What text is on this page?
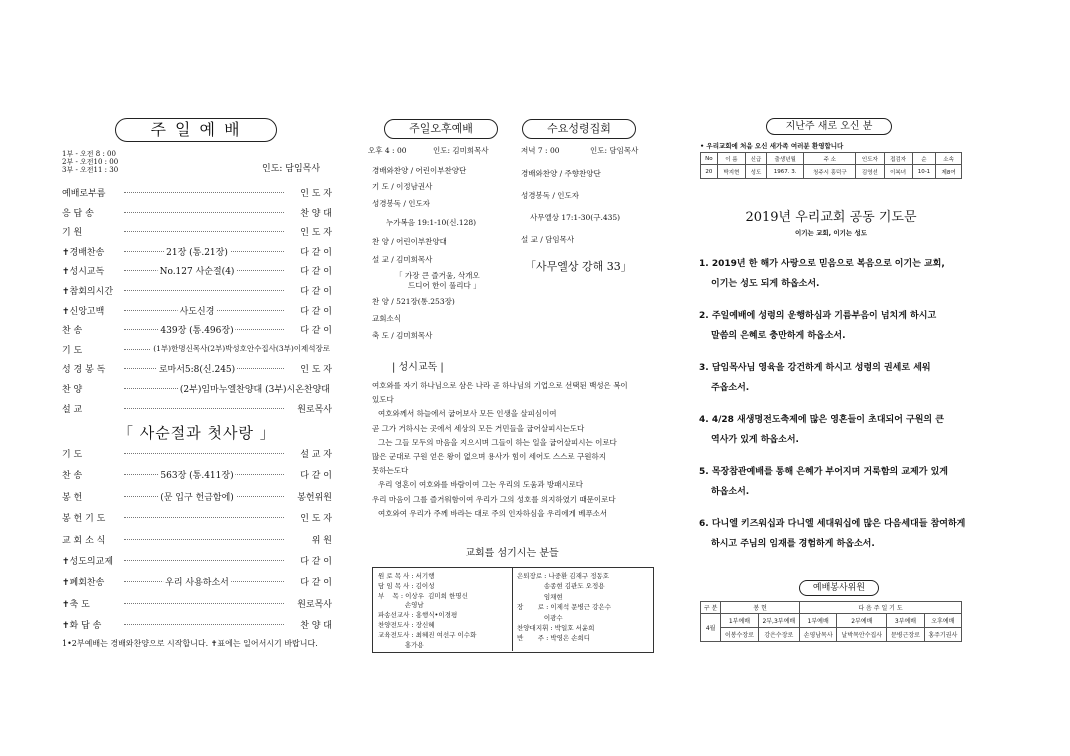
주 일 예 배
1부 - 오전 8 : 00
2부 - 오전10 : 00
3부 - 오전11 : 30	인도: 담임목사
예배로부름	인 도 자
응 답 송	찬 양 대
기 원	인 도 자
✝경배찬송	21장 (통.21장)	다 같 이
✝성시교독	No.127 사순절(4)	다 같 이
✝참회의시간	다 같 이
✝신앙고백	사도신경	다 같 이
찬 송	439장 (통.496장)	다 같 이
기 도	(1부)한명신목사(2부)박성호안수집사(3부)이제석장로
성 경 봉 독	로마서5:8(신.245)	인 도 자
찬 양	(2부)임마누엘찬양대 (3부)시온찬양대
설 교	원로목사
「 사순절과 첫사랑 」
기 도	설 교 자
찬 송	563장 (통.411장)	다 같 이
봉 헌	(문 입구 헌금함에)	봉헌위원
봉 헌 기 도	인 도 자
교 회 소 식	위 원
✝성도의교제	다 같 이
✝폐회찬송	우리 사용하소서	다 같 이
✝축 도	원로목사
✝화 답 송	찬 양 대
1•2부예배는 경배와찬양으로 시작합니다. ✝표에는 일어서시기 바랍니다.
주일오후예배	수요성령집회
오후 4 : 00	인도: 김미희목사
경배와찬양 / 어린이부찬양단
기 도 / 이정남권사
성경봉독 / 인도자
누가복음 19:1-10(신.128)
찬 양 / 어린이부찬양대
설 교 / 김미희목사
「 가장 큰 즐거움, 삭개오
드디어 한이 풀리다 」
찬 양 / 521장(통.253장)
교회소식
축 도 / 김미희목사
저녁 7 : 00	인도: 담임목사
경배와찬양 / 주향찬양단
성경봉독 / 인도자
사무엘상 17:1-30(구.435)
설 교 / 담임목사
「사무엘상 강해 33」
| 성시교독 |
여호와를 자기 하나님으로 삼은 나라 곧 하나님의 기업으로 선택된 백성은 복이
있도다
여호와께서 하늘에서 굽어보사 모든 인생을 살피심이여
곧 그가 거하시는 곳에서 세상의 모든 거민들을 굽어살피시는도다
그는 그들 모두의 마음을 지으시며 그들이 하는 일을 굽어살피시는 이로다
많은 군대로 구원 얻은 왕이 없으며 용사가 힘이 세어도 스스로 구원하지
못하는도다
우리 영혼이 여호와를 바람이여 그는 우리의 도움과 방패시로다
우리 마음이 그를 즐거워함이여 우리가 그의 성호를 의지하였기 때문이로다
여호와여 우리가 주께 바라는 대로 주의 인자하심을 우리에게 베푸소서
교회를 섬기시는 분들
원 로 목 사 : 서기행
담 임 목 사 : 김이성
부    목 : 이상우  김미희 한명신
손영남
파송선교사 : 홍행식•이경평
찬양전도사 : 장신혜
교육전도사 : 최혜진 여선구 이수화
홍가용
은퇴장로 : 나중환 김재구 정동호
송종현 김관도 오정용
임채현
장       로 : 이제석 문병근 강은수
이광수
찬양대지휘 : 박일호 서윤희
반       주 : 박영은 손희디
지난주 새로 오신 분
• 우리교회에 처음 오신 새가족 여러분 환영합니다
No	이 름	신급	출생년월	주 소	인도자	접검자	순	소속
20	박지현	성도	1967. 3.	청주시 흥덕구	김영선	이복녀	10-1	제8여
2019년 우리교회 공동 기도문
이기는 교회, 이기는 성도
1. 2019년 한 해가 사랑으로 믿음으로 복음으로 이기는 교회,
이기는 성도 되게 하옵소서.
2. 주일예배에 성령의 운행하심과 기름부음이 넘치게 하시고
말씀의 은혜로 충만하게 하옵소서.
3. 담임목사님 영육을 강건하게 하시고 성령의 권세로 세워
주옵소서.
4. 4/28 새생명전도축제에 많은 영혼들이 초대되어 구원의 큰
역사가 있게 하옵소서.
5. 목장참관예배를 통해 은혜가 부어지며 거룩함의 교제가 있게
하옵소서.
6. 다니엘 키즈워십과 다니엘 세대워십에 많은 다음세대들 참여하게
하시고 주님의 임재를 경험하게 하옵소서.
예배봉사위원
구 분	봉 헌		다 음 주 일 기 도			
4월	1부예배	2부,3부예배	1부예배	2부예배	3부예배	오후예배
	이봉수장로	강은수장로	손영남목사	날박목안수집사	문병근장로	홍주기권사
